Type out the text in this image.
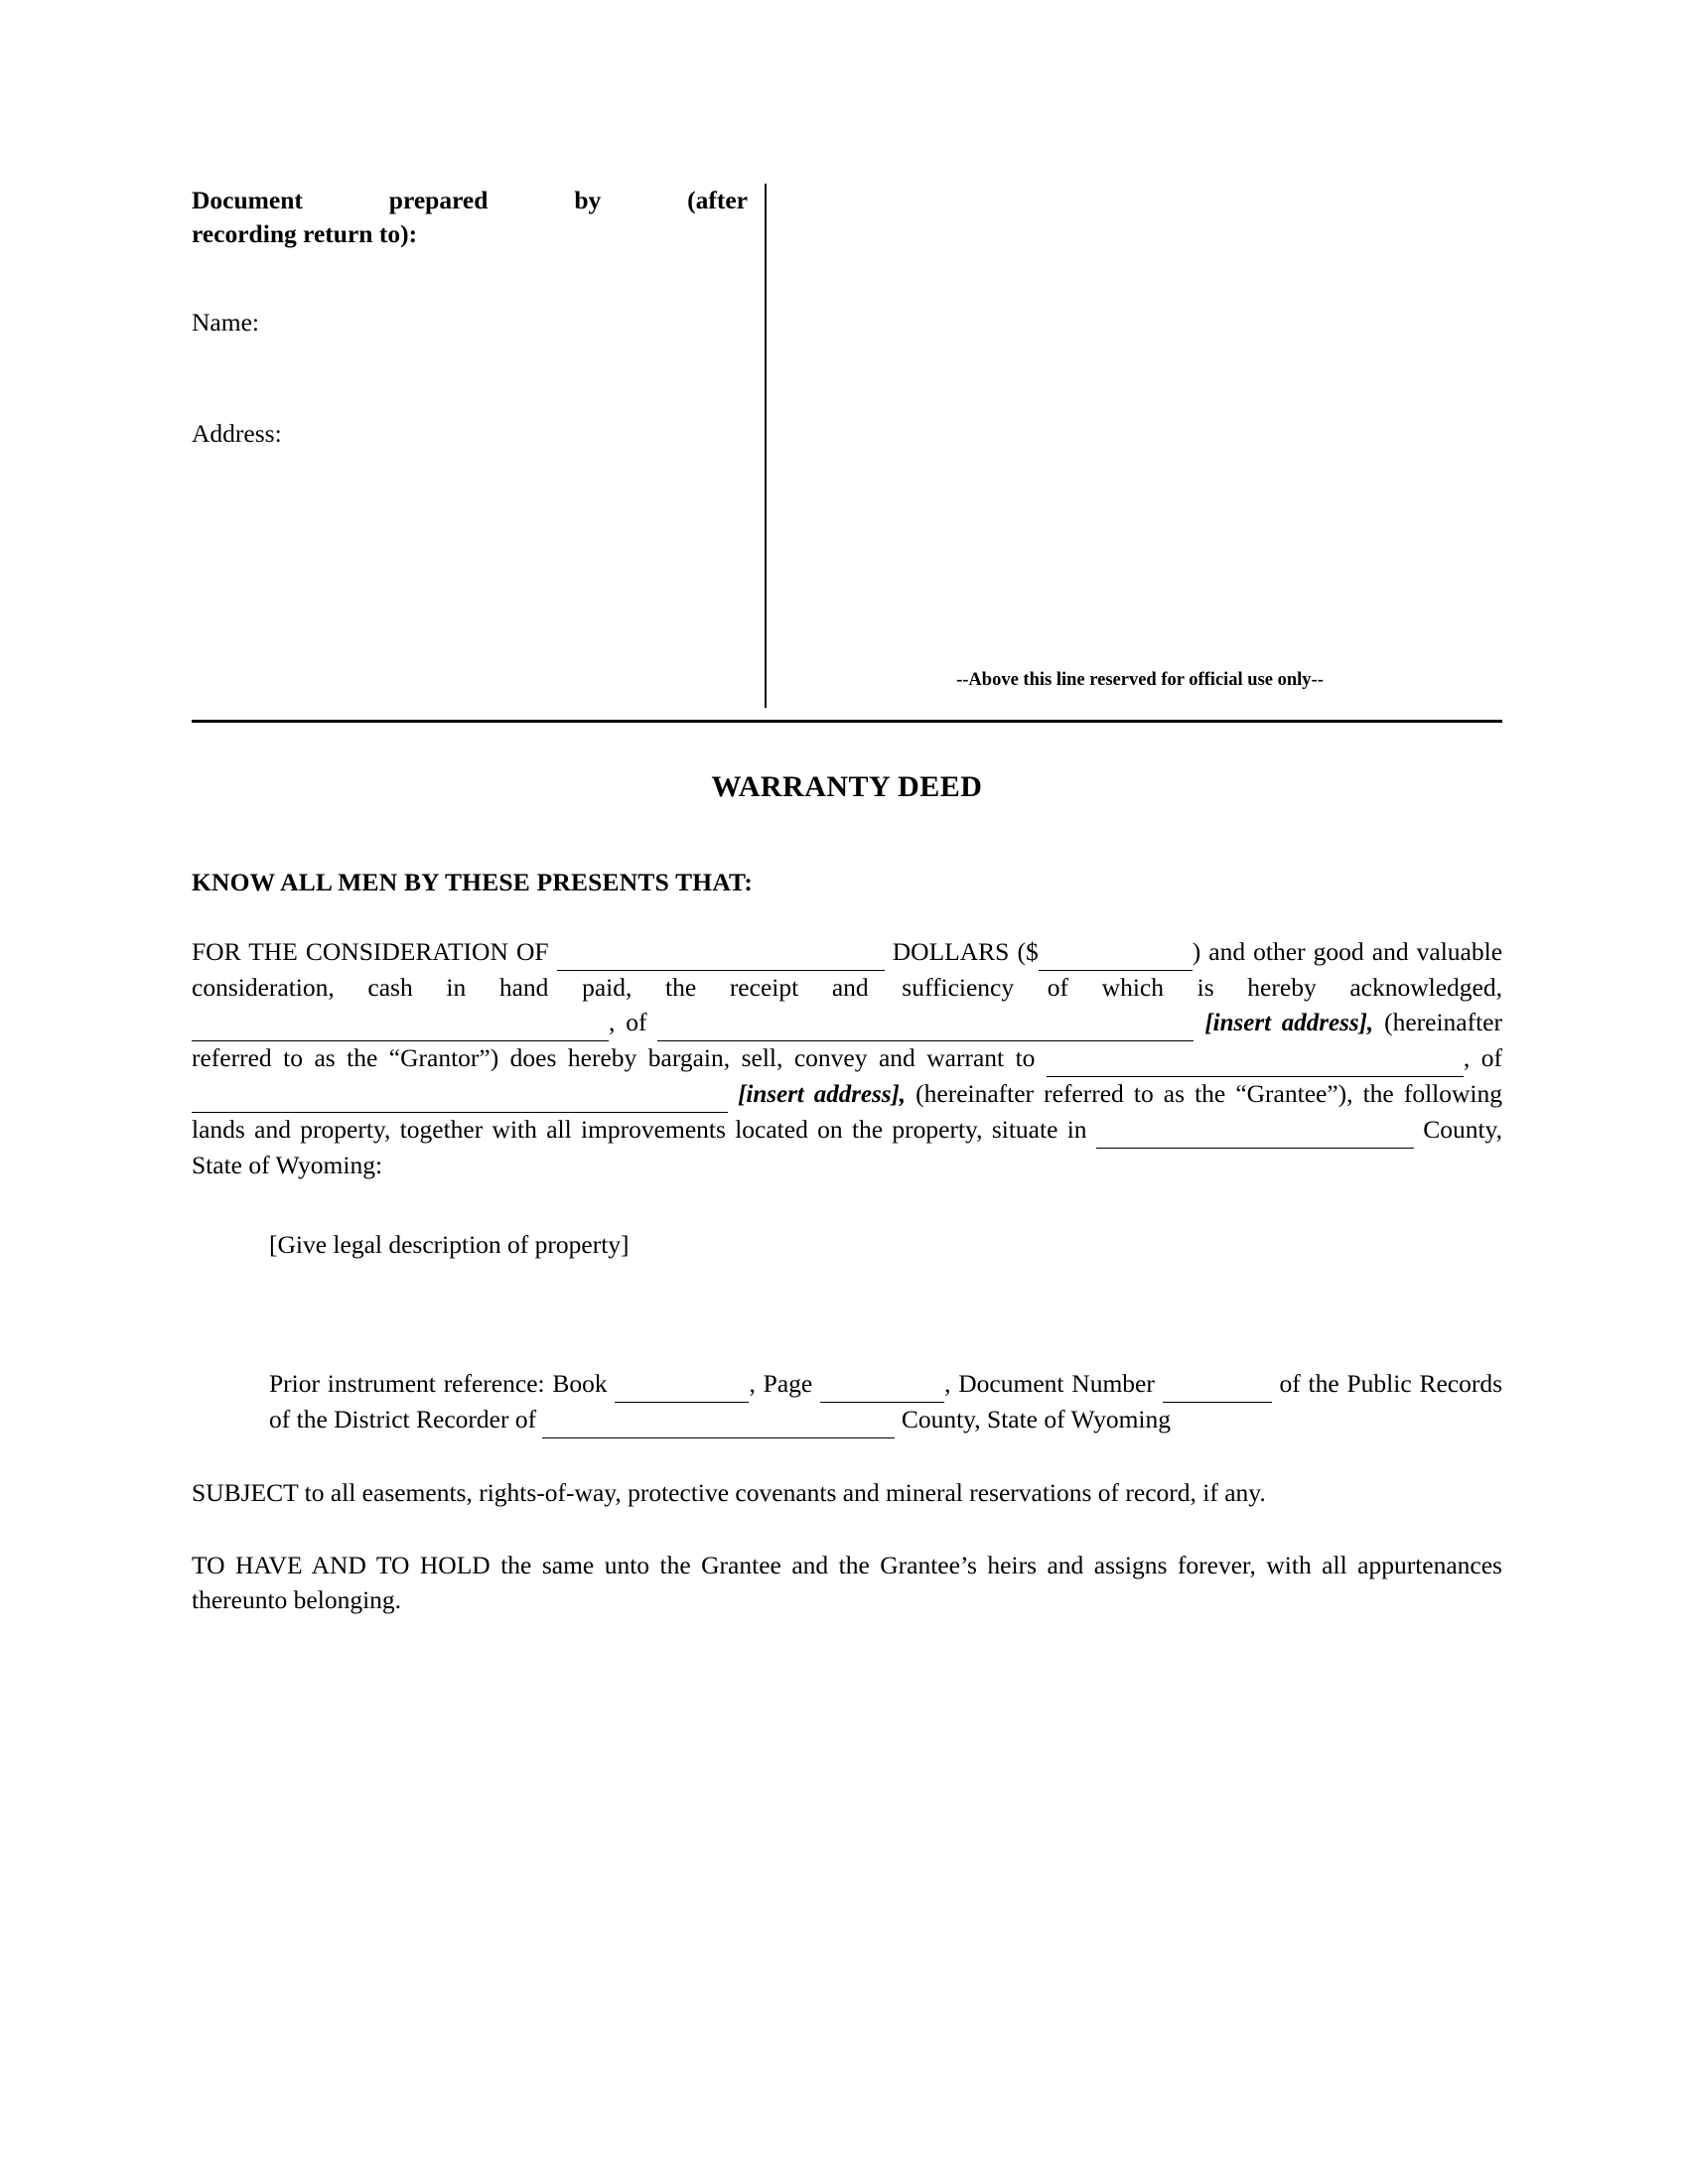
Document prepared by (after
recording return to):
Name:
Address:
--Above this line reserved for official use only--
WARRANTY DEED
KNOW ALL MEN BY THESE PRESENTS THAT:

FOR THE CONSIDERATION OF	DOLLARS ($	) and other good and valuable consideration, cash in hand paid, the receipt and sufficiency of which is hereby acknowledged,  , of	[insert address], (hereinafter referred to as the “Grantor”) does hereby bargain, sell, convey and warrant to	, of   [insert address], (hereinafter referred to as the “Grantee”), the following lands and property, together with all improvements located on the property, situate in	County, State of Wyoming:

[Give legal description of property]
Prior instrument reference: Book	, Page	, Document Number	of the Public Records of the District Recorder of	County, State of Wyoming

SUBJECT to all easements, rights-of-way, protective covenants and mineral reservations of record, if any.

TO HAVE AND TO HOLD the same unto the Grantee and the Grantee’s heirs and assigns forever, with all appurtenances thereunto belonging.
